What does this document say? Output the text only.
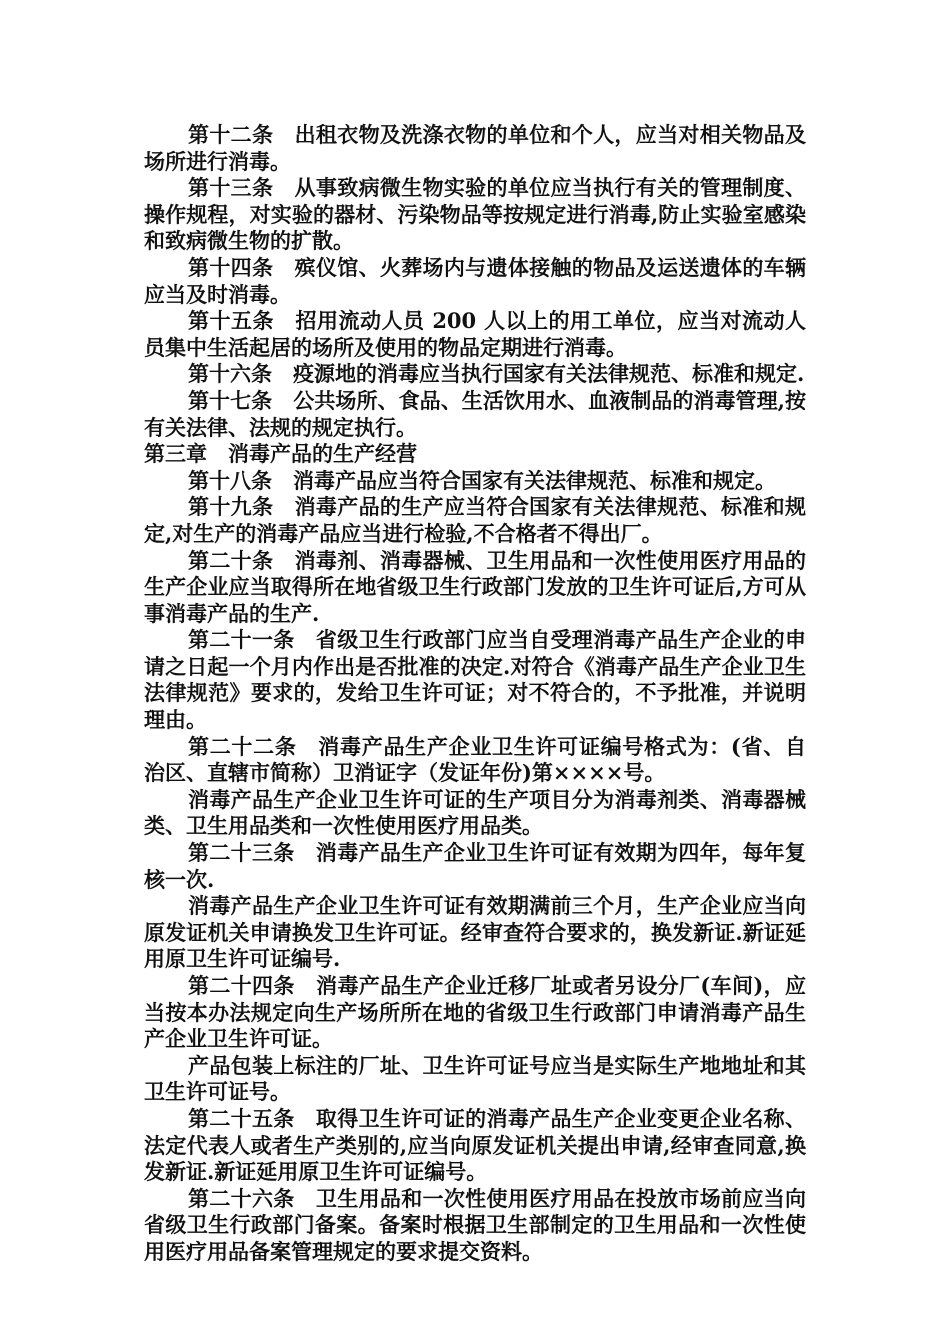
第十二条　出租衣物及洗涤衣物的单位和个人，应当对相关物品及场所进行消毒。

第十三条　从事致病微生物实验的单位应当执行有关的管理制度、操作规程，对实验的器材、污染物品等按规定进行消毒,防止实验室感染和致病微生物的扩散。

第十四条　殡仪馆、火葬场内与遗体接触的物品及运送遗体的车辆应当及时消毒。

第十五条　招用流动人员 200 人以上的用工单位，应当对流动人员集中生活起居的场所及使用的物品定期进行消毒。

第十六条　疫源地的消毒应当执行国家有关法律规范、标准和规定.

第十七条　公共场所、食品、生活饮用水、血液制品的消毒管理,按有关法律、法规的规定执行。

第三章　消毒产品的生产经营

第十八条　消毒产品应当符合国家有关法律规范、标准和规定。

第十九条　消毒产品的生产应当符合国家有关法律规范、标准和规定,对生产的消毒产品应当进行检验,不合格者不得出厂。

第二十条　消毒剂、消毒器械、卫生用品和一次性使用医疗用品的生产企业应当取得所在地省级卫生行政部门发放的卫生许可证后,方可从事消毒产品的生产.

第二十一条　省级卫生行政部门应当自受理消毒产品生产企业的申请之日起一个月内作出是否批准的决定.对符合《消毒产品生产企业卫生法律规范》要求的，发给卫生许可证；对不符合的，不予批准，并说明理由。

第二十二条　消毒产品生产企业卫生许可证编号格式为：(省、自治区、直辖市简称）卫消证字（发证年份)第××××号。

消毒产品生产企业卫生许可证的生产项目分为消毒剂类、消毒器械类、卫生用品类和一次性使用医疗用品类。

第二十三条　消毒产品生产企业卫生许可证有效期为四年，每年复核一次.

消毒产品生产企业卫生许可证有效期满前三个月，生产企业应当向原发证机关申请换发卫生许可证。经审查符合要求的，换发新证.新证延用原卫生许可证编号.

第二十四条　消毒产品生产企业迁移厂址或者另设分厂(车间)，应当按本办法规定向生产场所所在地的省级卫生行政部门申请消毒产品生产企业卫生许可证。

产品包装上标注的厂址、卫生许可证号应当是实际生产地地址和其卫生许可证号。

第二十五条　取得卫生许可证的消毒产品生产企业变更企业名称、法定代表人或者生产类别的,应当向原发证机关提出申请,经审查同意,换发新证.新证延用原卫生许可证编号。

第二十六条　卫生用品和一次性使用医疗用品在投放市场前应当向省级卫生行政部门备案。备案时根据卫生部制定的卫生用品和一次性使用医疗用品备案管理规定的要求提交资料。
